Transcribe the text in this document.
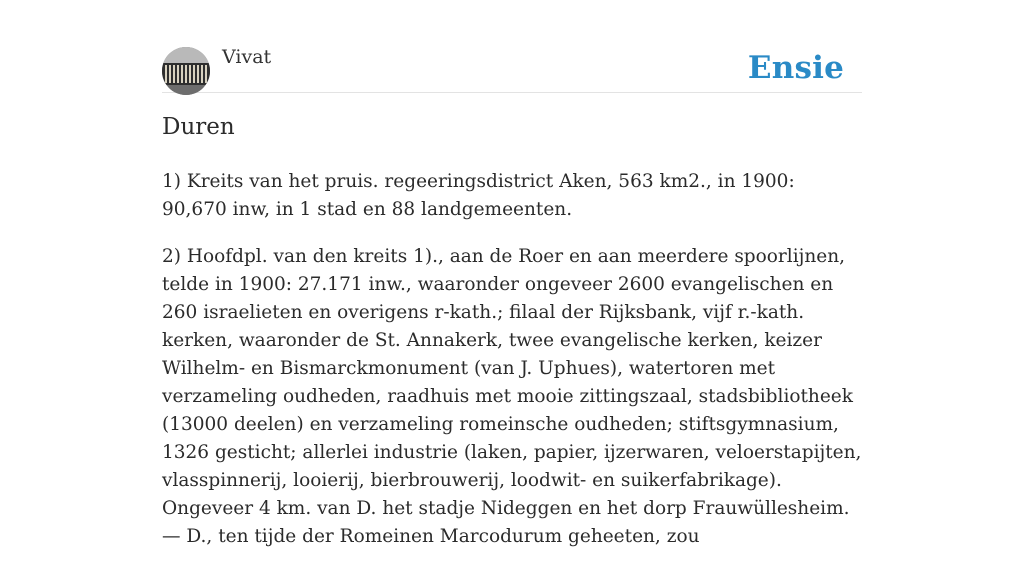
Vivat	Ensie
Duren

1) Kreits van het pruis. regeeringsdistrict Aken, 563 km2., in 1900: 90,670 inw, in 1 stad en 88 landgemeenten.

2) Hoofdpl. van den kreits 1)., aan de Roer en aan meerdere spoorlijnen, telde in 1900: 27.171 inw., waaronder ongeveer 2600 evangelischen en 260 israelieten en overigens r-kath.; filaal der Rijksbank, vijf r.-kath. kerken, waaronder de St. Annakerk, twee evangelische kerken, keizer Wilhelm- en Bismarckmonument (van J. Uphues), watertoren met verzameling oudheden, raadhuis met mooie zittingszaal, stadsbibliotheek (13000 deelen) en verzameling romeinsche oudheden; stiftsgymnasium, 1326 gesticht; allerlei industrie (laken, papier, ijzerwaren, veloerstapijten, vlasspinnerij, looierij, bierbrouwerij, loodwit- en suikerfabrikage). Ongeveer 4 km. van D. het stadje Nideggen en het dorp Frauwüllesheim. — D., ten tijde der Romeinen Marcodurum geheeten, zou
